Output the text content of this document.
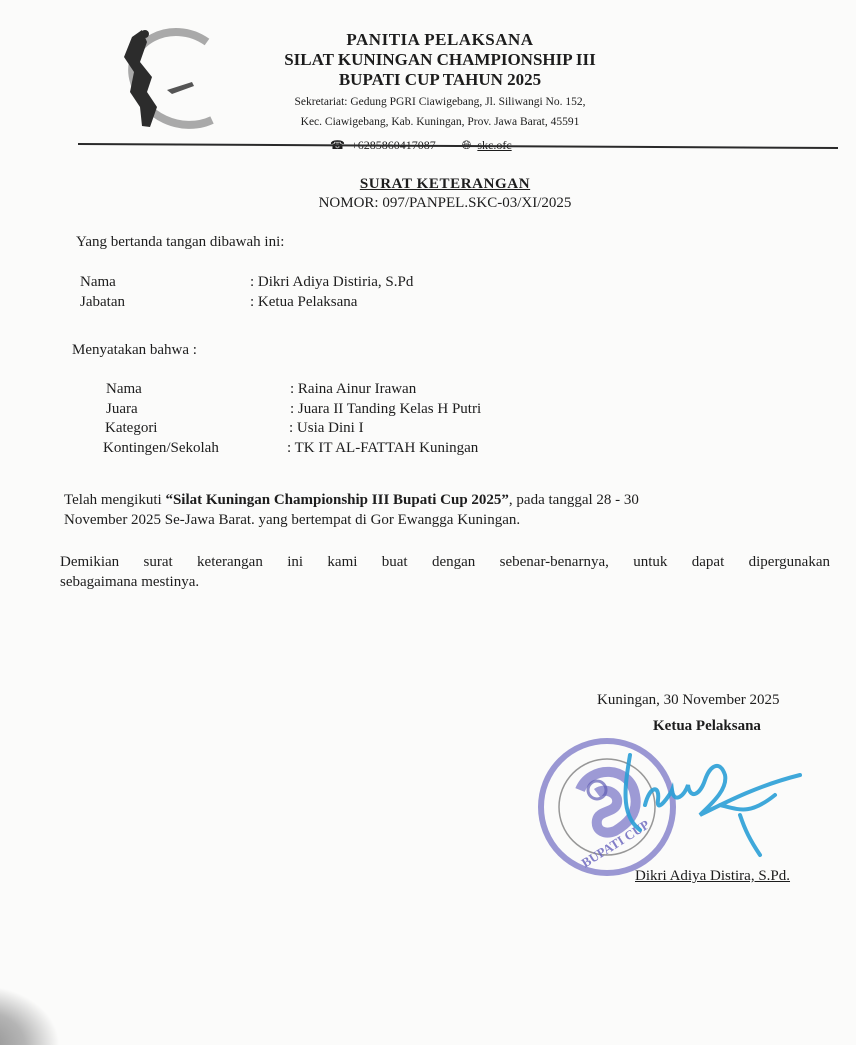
PANITIA PELAKSANA
SILAT KUNINGAN CHAMPIONSHIP III
BUPATI CUP TAHUN 2025
Sekretariat: Gedung PGRI Ciawigebang, Jl. Siliwangi No. 152,
Kec. Ciawigebang, Kab. Kuningan, Prov. Jawa Barat, 45591
SURAT KETERANGAN
NOMOR: 097/PANPEL.SKC-03/XI/2025
Yang bertanda tangan dibawah ini:
Nama	: Dikri Adiya Distiria, S.Pd
Jabatan	: Ketua Pelaksana
Menyatakan bahwa :
Nama	: Raina Ainur Irawan
Juara	: Juara II Tanding Kelas H Putri
Kategori	: Usia Dini I
Kontingen/Sekolah	: TK IT AL-FATTAH Kuningan
Telah mengikuti “Silat Kuningan Championship III Bupati Cup 2025”, pada tanggal 28 - 30
November 2025 Se-Jawa Barat. yang bertempat di Gor Ewangga Kuningan.
Demikian surat keterangan ini kami buat dengan sebenar-benarnya, untuk dapat dipergunakan
sebagaimana mestinya.
Kuningan, 30 November 2025
Ketua Pelaksana
BUPATI CUP
Dikri Adiya Distira, S.Pd.
